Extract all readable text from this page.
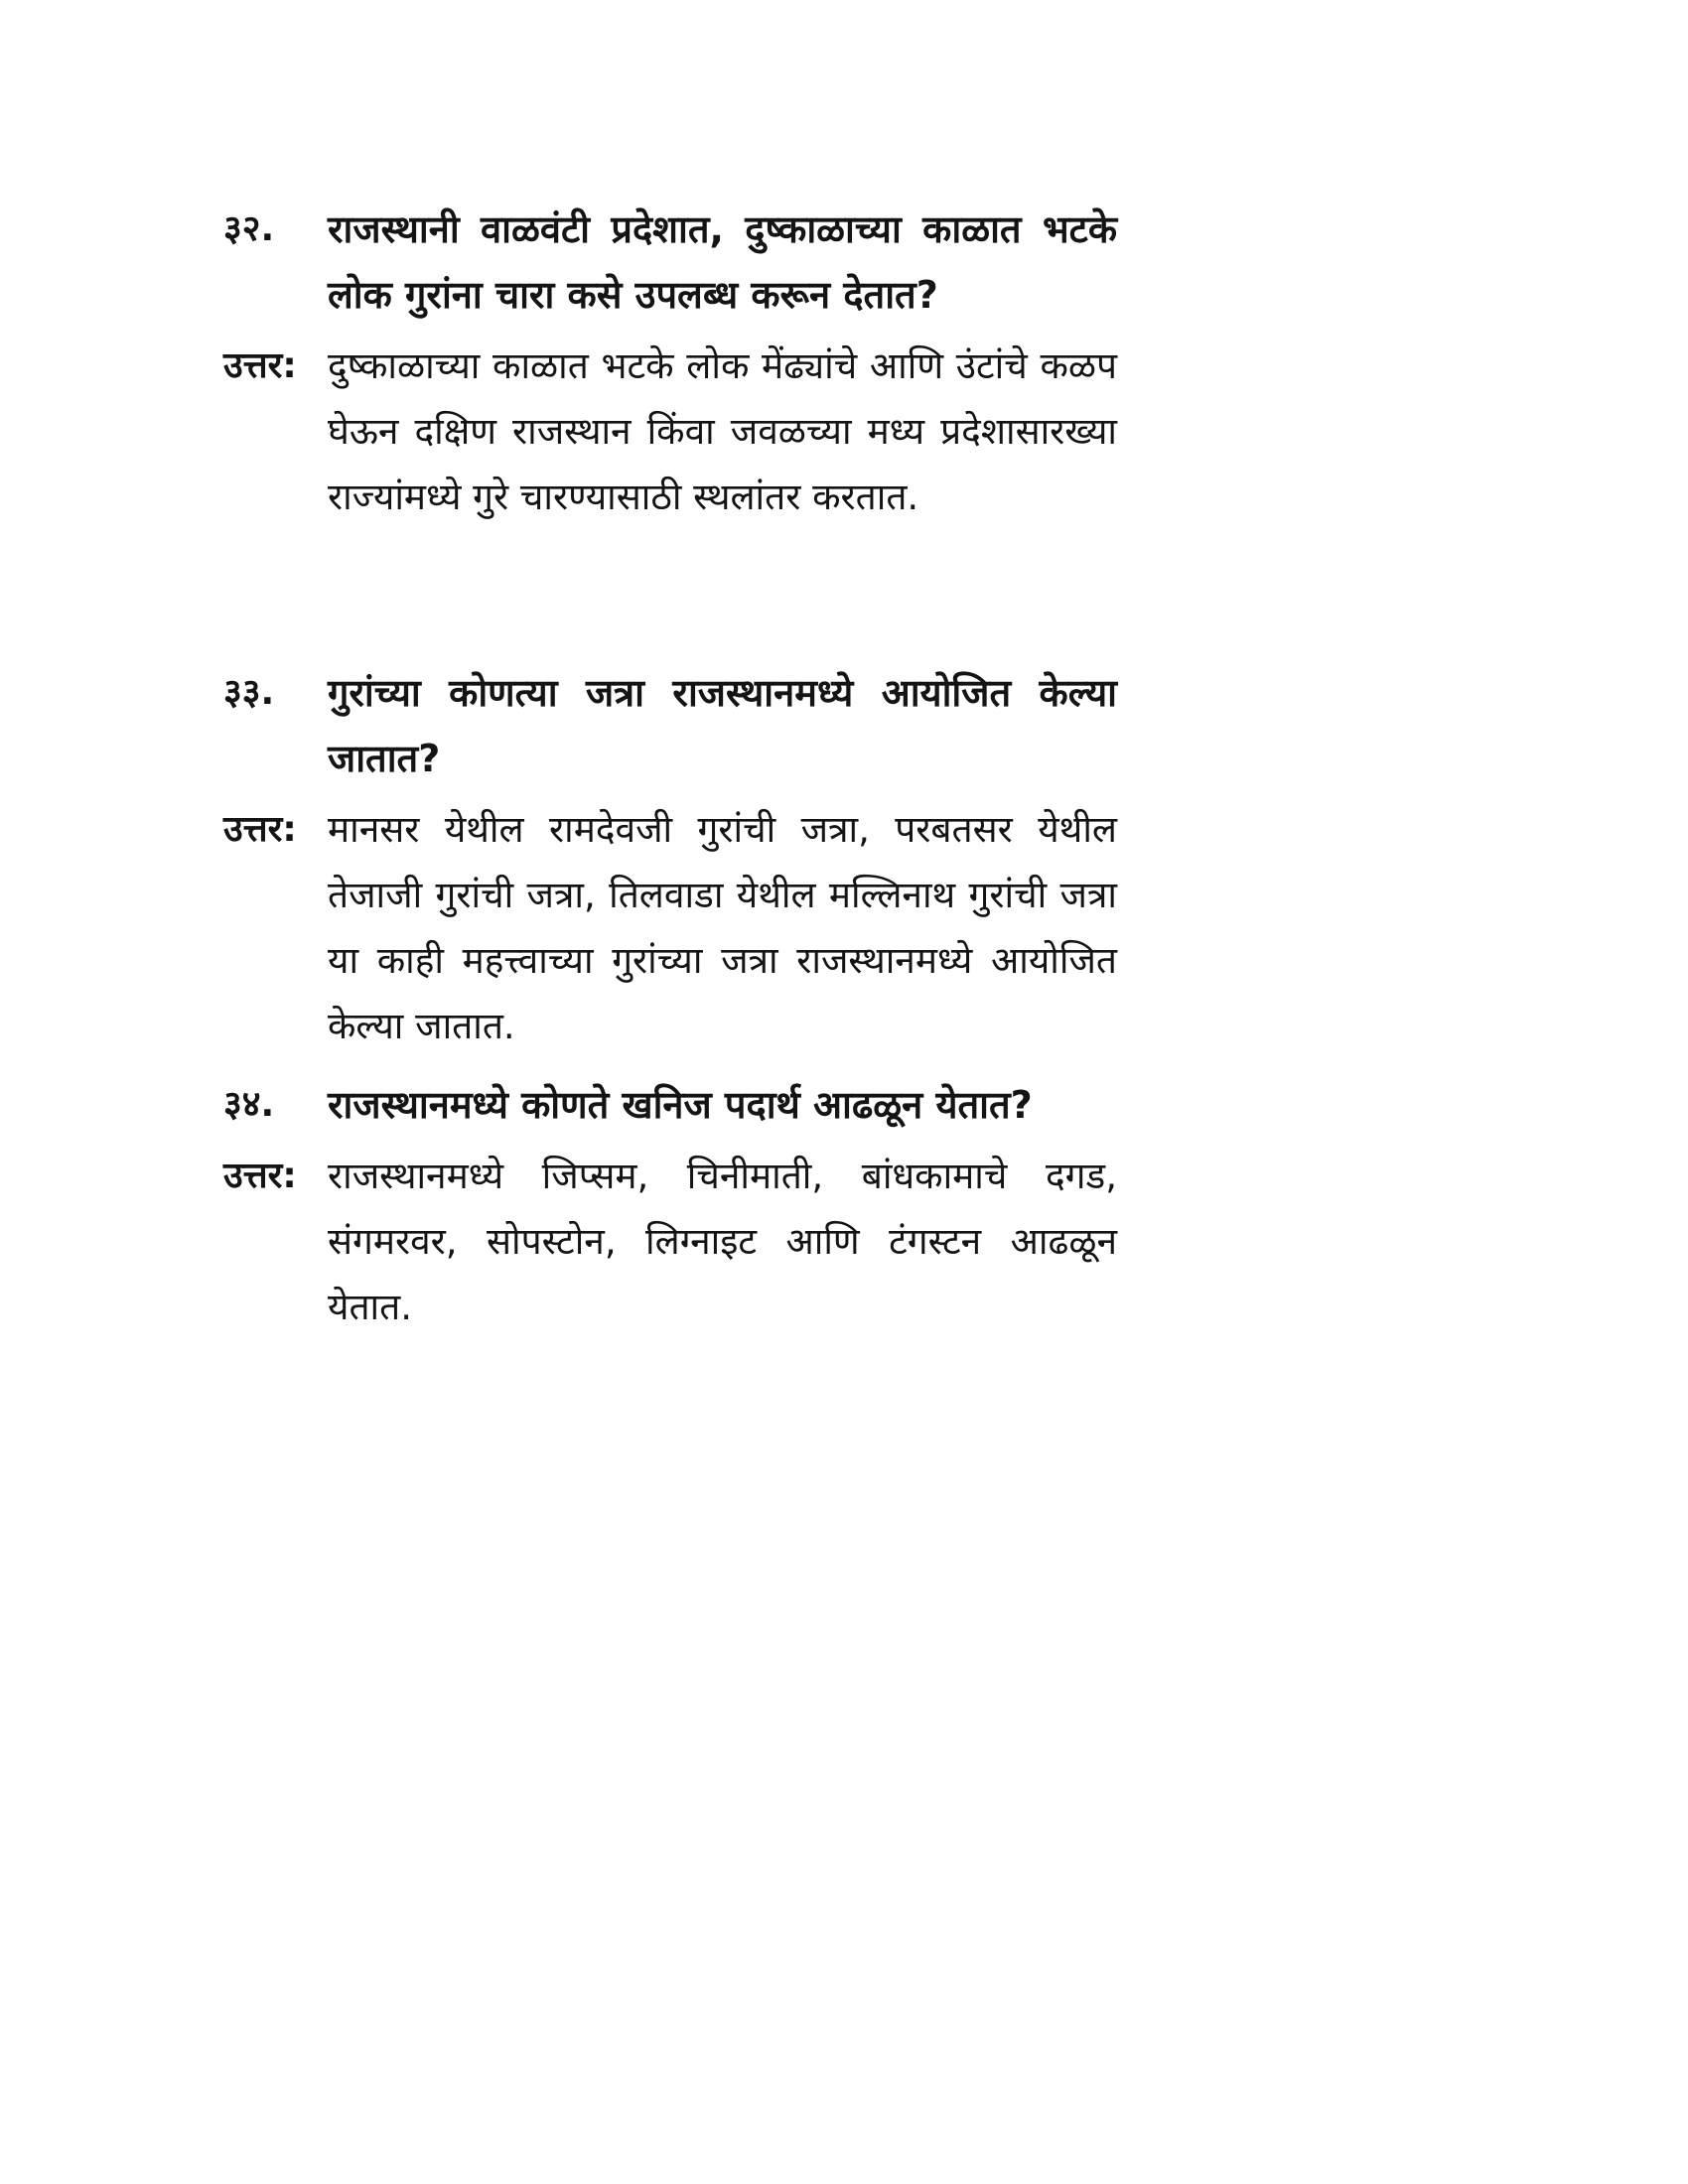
३२.	राजस्थानी वाळवंटी प्रदेशात, दुष्काळाच्या काळात भटके लोक गुरांना चारा कसे उपलब्ध करून देतात?
उत्तर: दुष्काळाच्या काळात भटके लोक मेंढ्यांचे आणि उंटांचे कळप घेऊन दक्षिण राजस्थान किंवा जवळच्या मध्य प्रदेशासारख्या राज्यांमध्ये गुरे चारण्यासाठी स्थलांतर करतात.
३३.	गुरांच्या कोणत्या जत्रा राजस्थानमध्ये आयोजित केल्या जातात?
उत्तर: मानसर येथील रामदेवजी गुरांची जत्रा, परबतसर येथील तेजाजी गुरांची जत्रा, तिलवाडा येथील मल्लिनाथ गुरांची जत्रा या काही महत्त्वाच्या गुरांच्या जत्रा राजस्थानमध्ये आयोजित केल्या जातात.
३४.	राजस्थानमध्ये कोणते खनिज पदार्थ आढळून येतात?
उत्तर: राजस्थानमध्ये जिप्सम, चिनीमाती, बांधकामाचे दगड, संगमरवर, सोपस्टोन, लिग्नाइट आणि टंगस्टन आढळून येतात.
